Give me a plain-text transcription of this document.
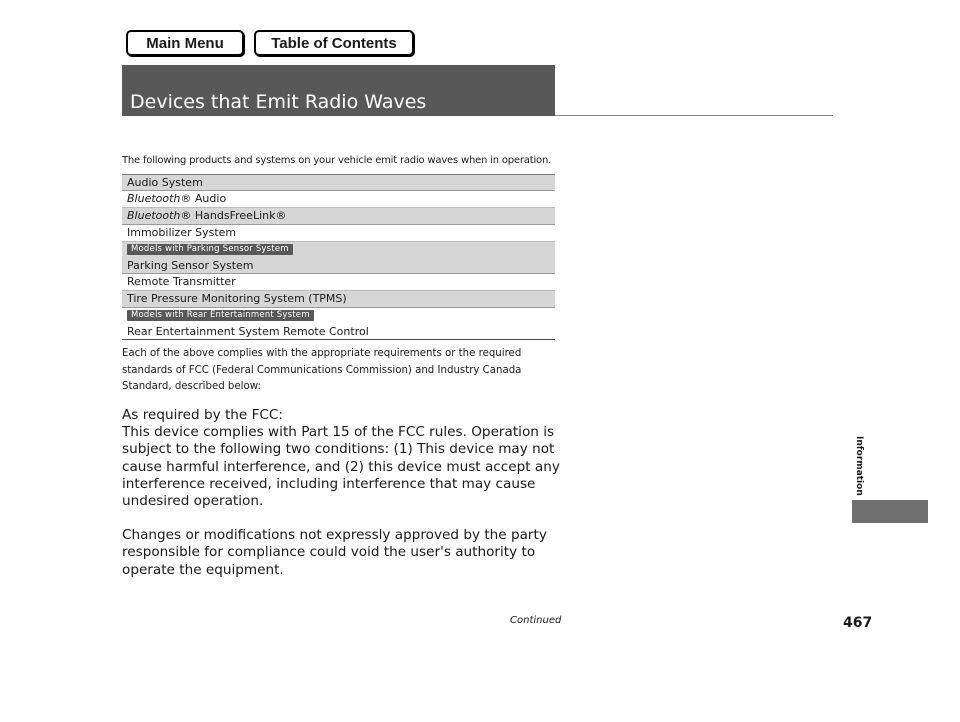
Main Menu	Table of Contents
Devices that Emit Radio Waves
The following products and systems on your vehicle emit radio waves when in operation.
Audio System
Bluetooth® Audio
Bluetooth® HandsFreeLink®
Immobilizer System
Models with Parking Sensor System
Parking Sensor System
Remote Transmitter
Tire Pressure Monitoring System (TPMS)
Models with Rear Entertainment System
Rear Entertainment System Remote Control
Each of the above complies with the appropriate requirements or the required standards of FCC (Federal Communications Commission) and Industry Canada Standard, described below:

As required by the FCC:

This device complies with Part 15 of the FCC rules. Operation is subject to the following two conditions: (1) This device may not cause harmful interference, and (2) this device must accept any interference received, including interference that may cause undesired operation.

Changes or modifications not expressly approved by the party responsible for compliance could void the user's authority to operate the equipment.

Continued	467
Information
